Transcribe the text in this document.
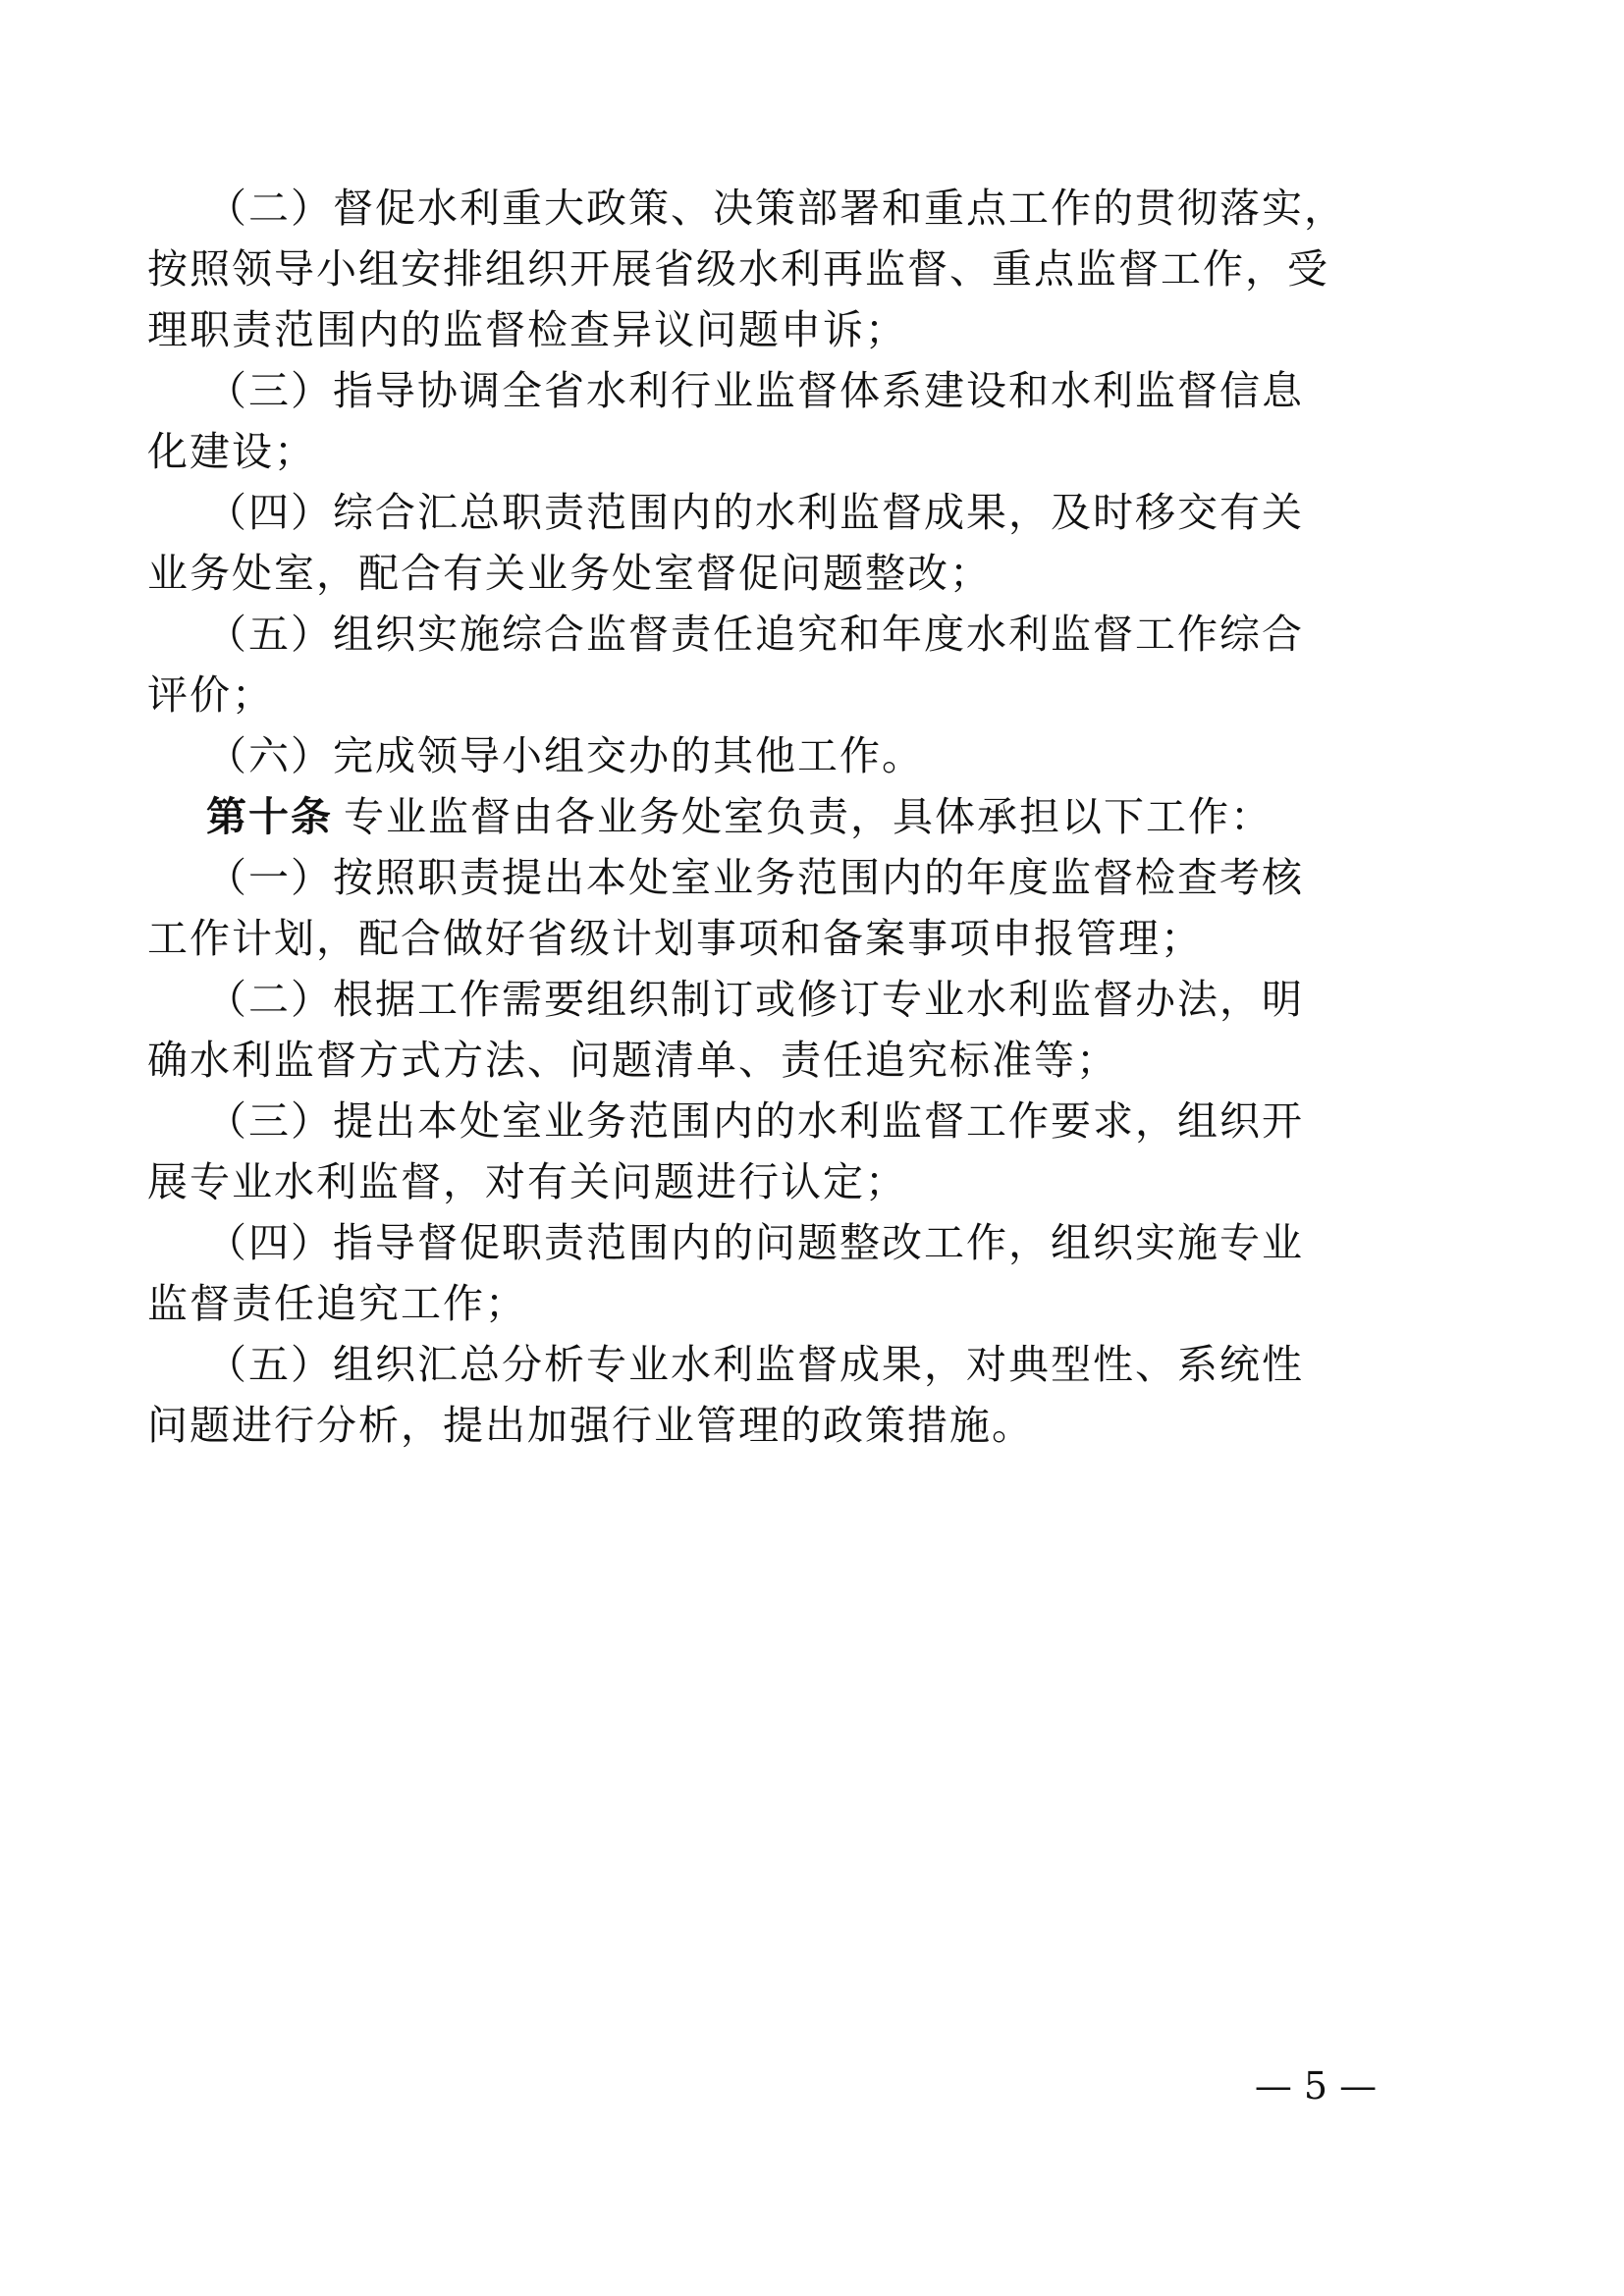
（二）督促水利重大政策、决策部署和重点工作的贯彻落实，
按照领导小组安排组织开展省级水利再监督、重点监督工作，受
理职责范围内的监督检查异议问题申诉；
（三）指导协调全省水利行业监督体系建设和水利监督信息
化建设；
（四）综合汇总职责范围内的水利监督成果，及时移交有关
业务处室，配合有关业务处室督促问题整改；
（五）组织实施综合监督责任追究和年度水利监督工作综合
评价；
（六）完成领导小组交办的其他工作。
第十条 专业监督由各业务处室负责，具体承担以下工作：
（一）按照职责提出本处室业务范围内的年度监督检查考核
工作计划，配合做好省级计划事项和备案事项申报管理；
（二）根据工作需要组织制订或修订专业水利监督办法，明
确水利监督方式方法、问题清单、责任追究标准等；
（三）提出本处室业务范围内的水利监督工作要求，组织开
展专业水利监督，对有关问题进行认定；
（四）指导督促职责范围内的问题整改工作，组织实施专业
监督责任追究工作；
（五）组织汇总分析专业水利监督成果，对典型性、系统性
问题进行分析，提出加强行业管理的政策措施。
— 5 —
